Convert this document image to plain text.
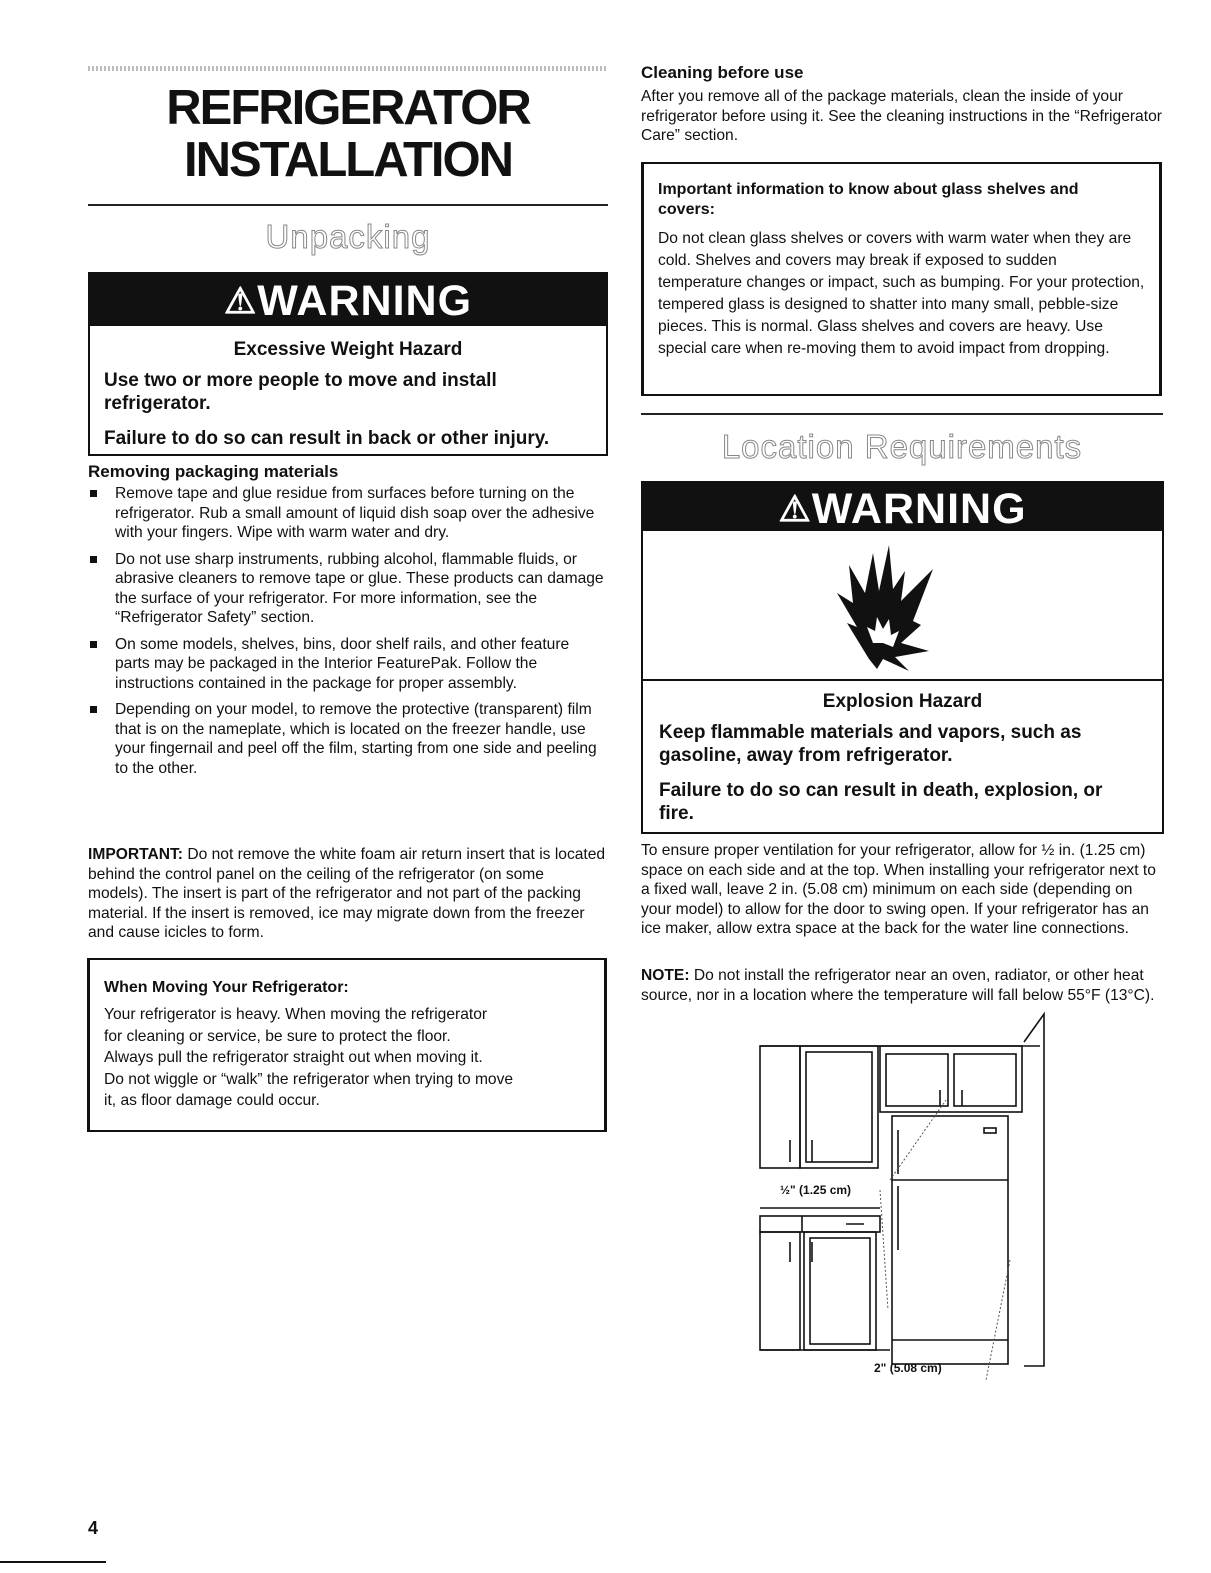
REFRIGERATOR
INSTALLATION
Unpacking
⚠WARNING
Excessive Weight Hazard
Use two or more people to move and install refrigerator.
Failure to do so can result in back or other injury.
Removing packaging materials
Remove tape and glue residue from surfaces before turning on the refrigerator. Rub a small amount of liquid dish soap over the adhesive with your fingers. Wipe with warm water and dry.
Do not use sharp instruments, rubbing alcohol, flammable fluids, or abrasive cleaners to remove tape or glue. These products can damage the surface of your refrigerator. For more information, see the “Refrigerator Safety” section.
On some models, shelves, bins, door shelf rails, and other feature parts may be packaged in the Interior FeaturePak. Follow the instructions contained in the package for proper assembly.
Depending on your model, to remove the protective (transparent) film that is on the nameplate, which is located on the freezer handle, use your fingernail and peel off the film, starting from one side and peeling to the other.
IMPORTANT: Do not remove the white foam air return insert that is located behind the control panel on the ceiling of the refrigerator (on some models). The insert is part of the refrigerator and not part of the packing material. If the insert is removed, ice may migrate down from the freezer and cause icicles to form.
When Moving Your Refrigerator:
Your refrigerator is heavy. When moving the refrigerator
for cleaning or service, be sure to protect the floor.
Always pull the refrigerator straight out when moving it.
Do not wiggle or “walk” the refrigerator when trying to move
it, as floor damage could occur.
4
Cleaning before use
After you remove all of the package materials, clean the inside of your refrigerator before using it. See the cleaning instructions in the “Refrigerator Care” section.
Important information to know about glass shelves and covers:
Do not clean glass shelves or covers with warm water when they are cold. Shelves and covers may break if exposed to sudden temperature changes or impact, such as bumping. For your protection, tempered glass is designed to shatter into many small, pebble-size pieces. This is normal. Glass shelves and covers are heavy. Use special care when re-moving them to avoid impact from dropping.
Location Requirements
⚠WARNING
Explosion Hazard
Keep flammable materials and vapors, such as gasoline, away from refrigerator.
Failure to do so can result in death, explosion, or fire.
To ensure proper ventilation for your refrigerator, allow for ½ in. (1.25 cm) space on each side and at the top. When installing your refrigerator next to a fixed wall, leave 2 in. (5.08 cm) minimum on each side (depending on your model) to allow for the door to swing open. If your refrigerator has an ice maker, allow extra space at the back for the water line connections.
NOTE: Do not install the refrigerator near an oven, radiator, or other heat source, nor in a location where the temperature will fall below 55°F (13°C).
½" (1.25 cm)
2" (5.08 cm)
